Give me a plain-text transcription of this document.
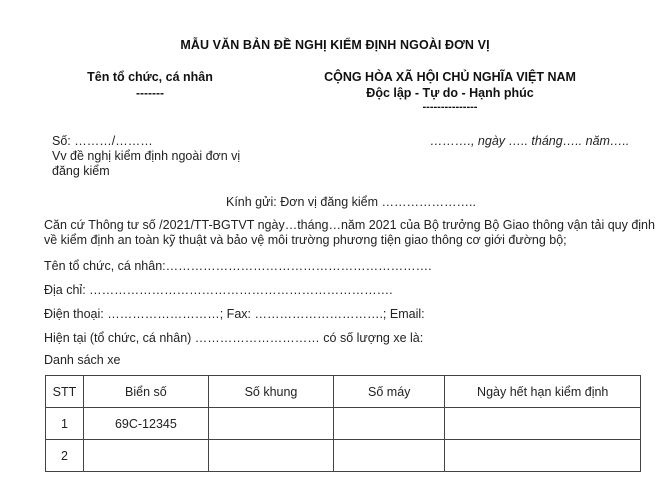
MẪU VĂN BẢN ĐỀ NGHỊ KIỂM ĐỊNH NGOÀI ĐƠN VỊ
Tên tổ chức, cá nhân
-------
CỘNG HÒA XÃ HỘI CHỦ NGHĨA VIỆT NAM
Độc lập - Tự do - Hạnh phúc
---------------
Số: ………/………
Vv đề nghị kiểm định ngoài đơn vị
đăng kiểm
………., ngày ….. tháng….. năm…..
Kính gửi: Đơn vị đăng kiểm …………………..
Căn cứ Thông tư số /2021/TT-BGTVT ngày…tháng…năm 2021 của Bộ trưởng Bộ Giao thông vận tải quy định
về kiểm định an toàn kỹ thuật và bảo vệ môi trường phương tiện giao thông cơ giới đường bộ;
Tên tổ chức, cá nhân:……………………………………………………….
Địa chỉ: ……………………………………………………………….
Điện thoại: ………………………; Fax: ………………………….; Email:
Hiện tại (tổ chức, cá nhân) ………………………… có số lượng xe là:
Danh sách xe
STT	Biển số	Số khung	Số máy	Ngày hết hạn kiểm định
1	69C-12345			
2				
